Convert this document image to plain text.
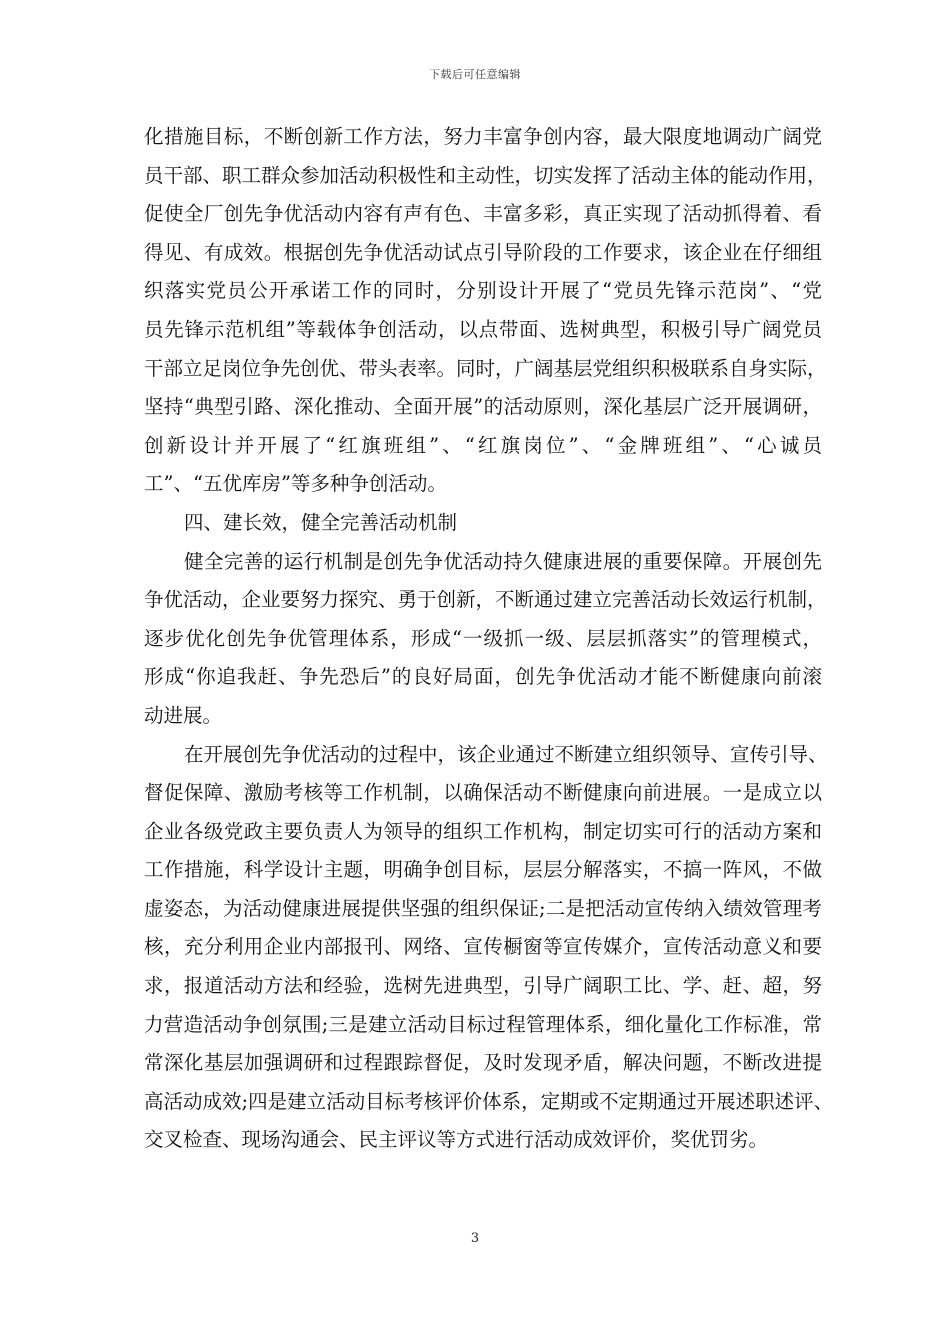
下载后可任意编辑
化措施目标，不断创新工作方法，努力丰富争创内容，最大限度地调动广阔党
员干部、职工群众参加活动积极性和主动性，切实发挥了活动主体的能动作用，
促使全厂创先争优活动内容有声有色、丰富多彩，真正实现了活动抓得着、看
得见、有成效。根据创先争优活动试点引导阶段的工作要求，该企业在仔细组
织落实党员公开承诺工作的同时，分别设计开展了“党员先锋示范岗”、“党
员先锋示范机组”等载体争创活动，以点带面、选树典型，积极引导广阔党员
干部立足岗位争先创优、带头表率。同时，广阔基层党组织积极联系自身实际，
坚持“典型引路、深化推动、全面开展”的活动原则，深化基层广泛开展调研，
创新设计并开展了“红旗班组”、“红旗岗位”、“金牌班组”、“心诚员
工”、“五优库房”等多种争创活动。
四、建长效，健全完善活动机制
健全完善的运行机制是创先争优活动持久健康进展的重要保障。开展创先
争优活动，企业要努力探究、勇于创新，不断通过建立完善活动长效运行机制，
逐步优化创先争优管理体系，形成“一级抓一级、层层抓落实”的管理模式，
形成“你追我赶、争先恐后”的良好局面，创先争优活动才能不断健康向前滚
动进展。
在开展创先争优活动的过程中，该企业通过不断建立组织领导、宣传引导、
督促保障、激励考核等工作机制，以确保活动不断健康向前进展。一是成立以
企业各级党政主要负责人为领导的组织工作机构，制定切实可行的活动方案和
工作措施，科学设计主题，明确争创目标，层层分解落实，不搞一阵风，不做
虚姿态，为活动健康进展提供坚强的组织保证;二是把活动宣传纳入绩效管理考
核，充分利用企业内部报刊、网络、宣传橱窗等宣传媒介，宣传活动意义和要
求，报道活动方法和经验，选树先进典型，引导广阔职工比、学、赶、超，努
力营造活动争创氛围;三是建立活动目标过程管理体系，细化量化工作标准，常
常深化基层加强调研和过程跟踪督促，及时发现矛盾，解决问题，不断改进提
高活动成效;四是建立活动目标考核评价体系，定期或不定期通过开展述职述评、
交叉检查、现场沟通会、民主评议等方式进行活动成效评价，奖优罚劣。
3
